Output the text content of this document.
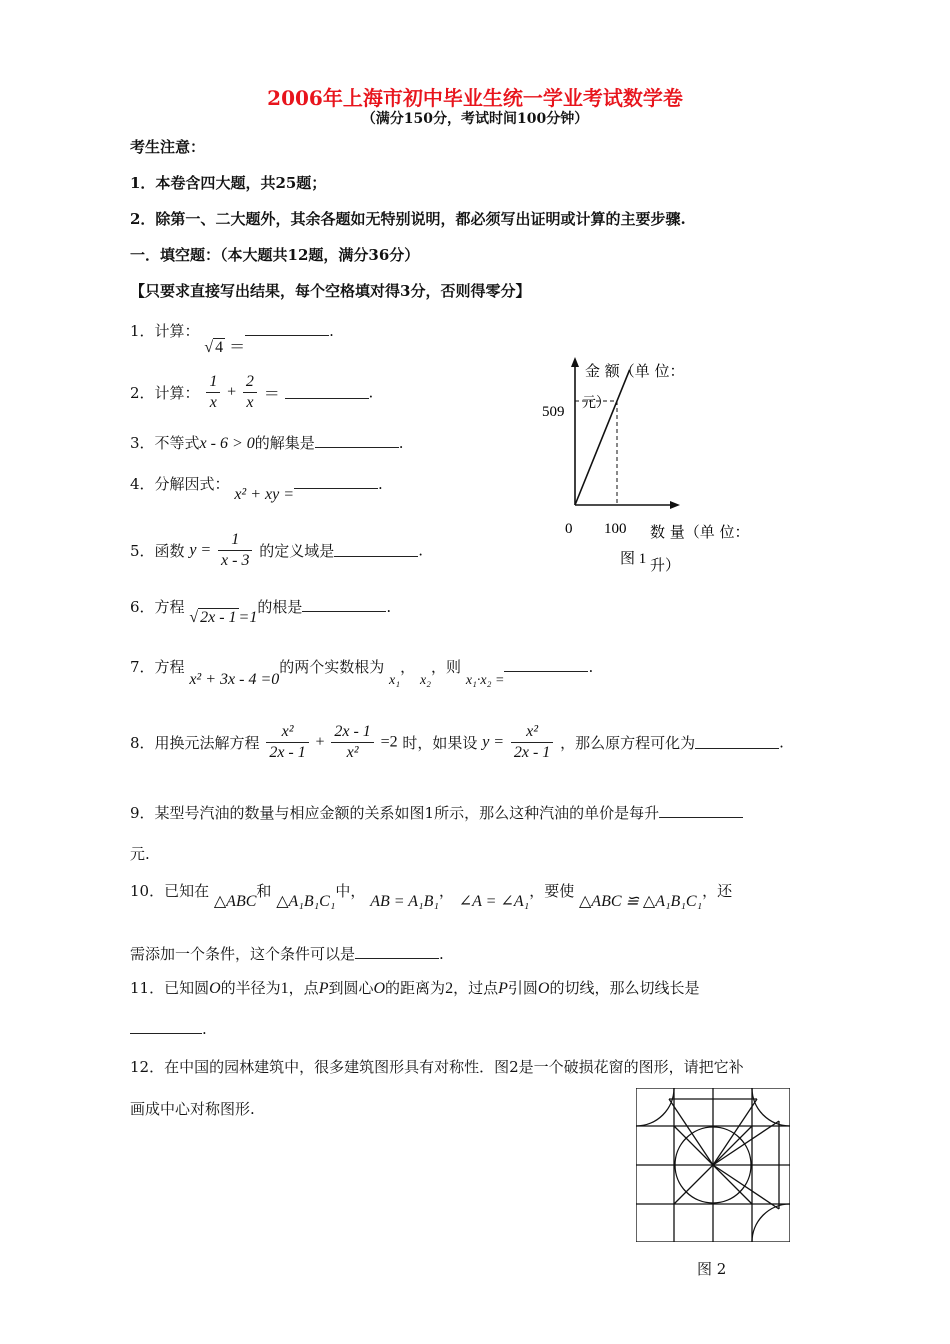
2006年上海市初中毕业生统一学业考试数学卷
（满分150分，考试时间100分钟）
考生注意：
1．本卷含四大题，共25题；
2．除第一、二大题外，其余各题如无特别说明，都必须写出证明或计算的主要步骤.
一．填空题：（本大题共12题，满分36分）
【只要求直接写出结果，每个空格填对得3分，否则得零分】
1．计算： √ 4 ＝.
2．计算： $\frac{1}{x} + \frac{2}{x}$ ＝	.
3．不等式x - 6 > 0的解集是	.
4．分解因式： x² + xy =.
5．函数 $y = \frac{1}{x - 3}$ 的定义域是	.
6．方程 √ 2x - 1 =1的根是	.
7．方程 x² + 3x - 4 =0的两个实数根为 x₁， x₂，则 x₁·x₂ =.
8．用换元法解方程 $\frac{\text{x²}}{2x - 1} + \frac{2x - 1}{\text{x²}} =2$ 时，如果设 $y = \frac{\text{x²}}{2x - 1}$ ，那么原方程可化为	.
9．某型号汽油的数量与相应金额的关系如图1所示，那么这种汽油的单价是每升
元.
10．已知在 △ABC和 △A₁B₁C₁中， AB = A₁B₁， ∠A = ∠A₁，要使 △ABC ≌ △A₁B₁C₁，还
需添加一个条件，这个条件可以是	.
11．已知圆O的半径为1，点P到圆心O的距离为2，过点P引圆O的切线，那么切线长是
.
12．在中国的园林建筑中，很多建筑图形具有对称性．图2是一个破损花窗的图形，请把它补
画成中心对称图形.
金 额（单 位：
元）
509
0 100 数 量（单 位：
图 1 升）
图 2
